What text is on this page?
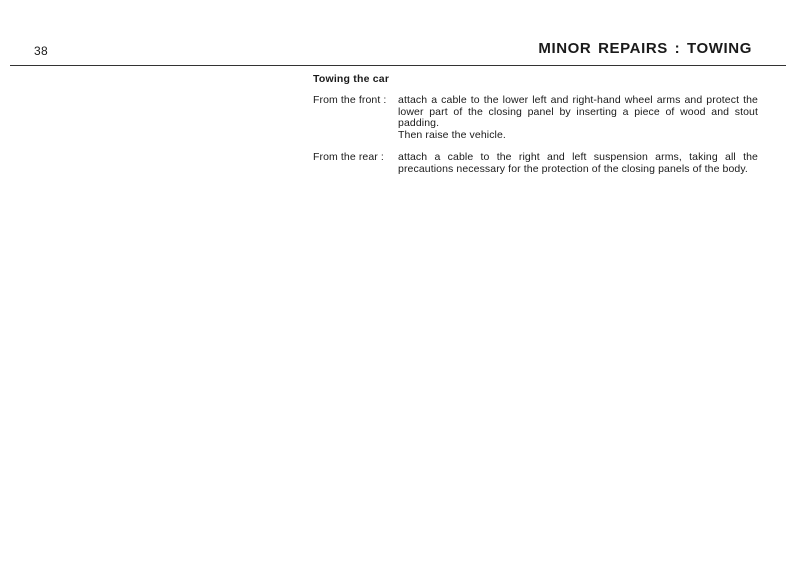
38	MINOR REPAIRS : TOWING
Towing the car
From the front :	attach a cable to the lower left and right-hand wheel arms and protect the lower part of the closing panel by inserting a piece of wood and stout padding.

Then raise the vehicle.

From the rear :	attach a cable to the right and left suspension arms, taking all the precautions necessary for the protection of the closing panels of the body.
